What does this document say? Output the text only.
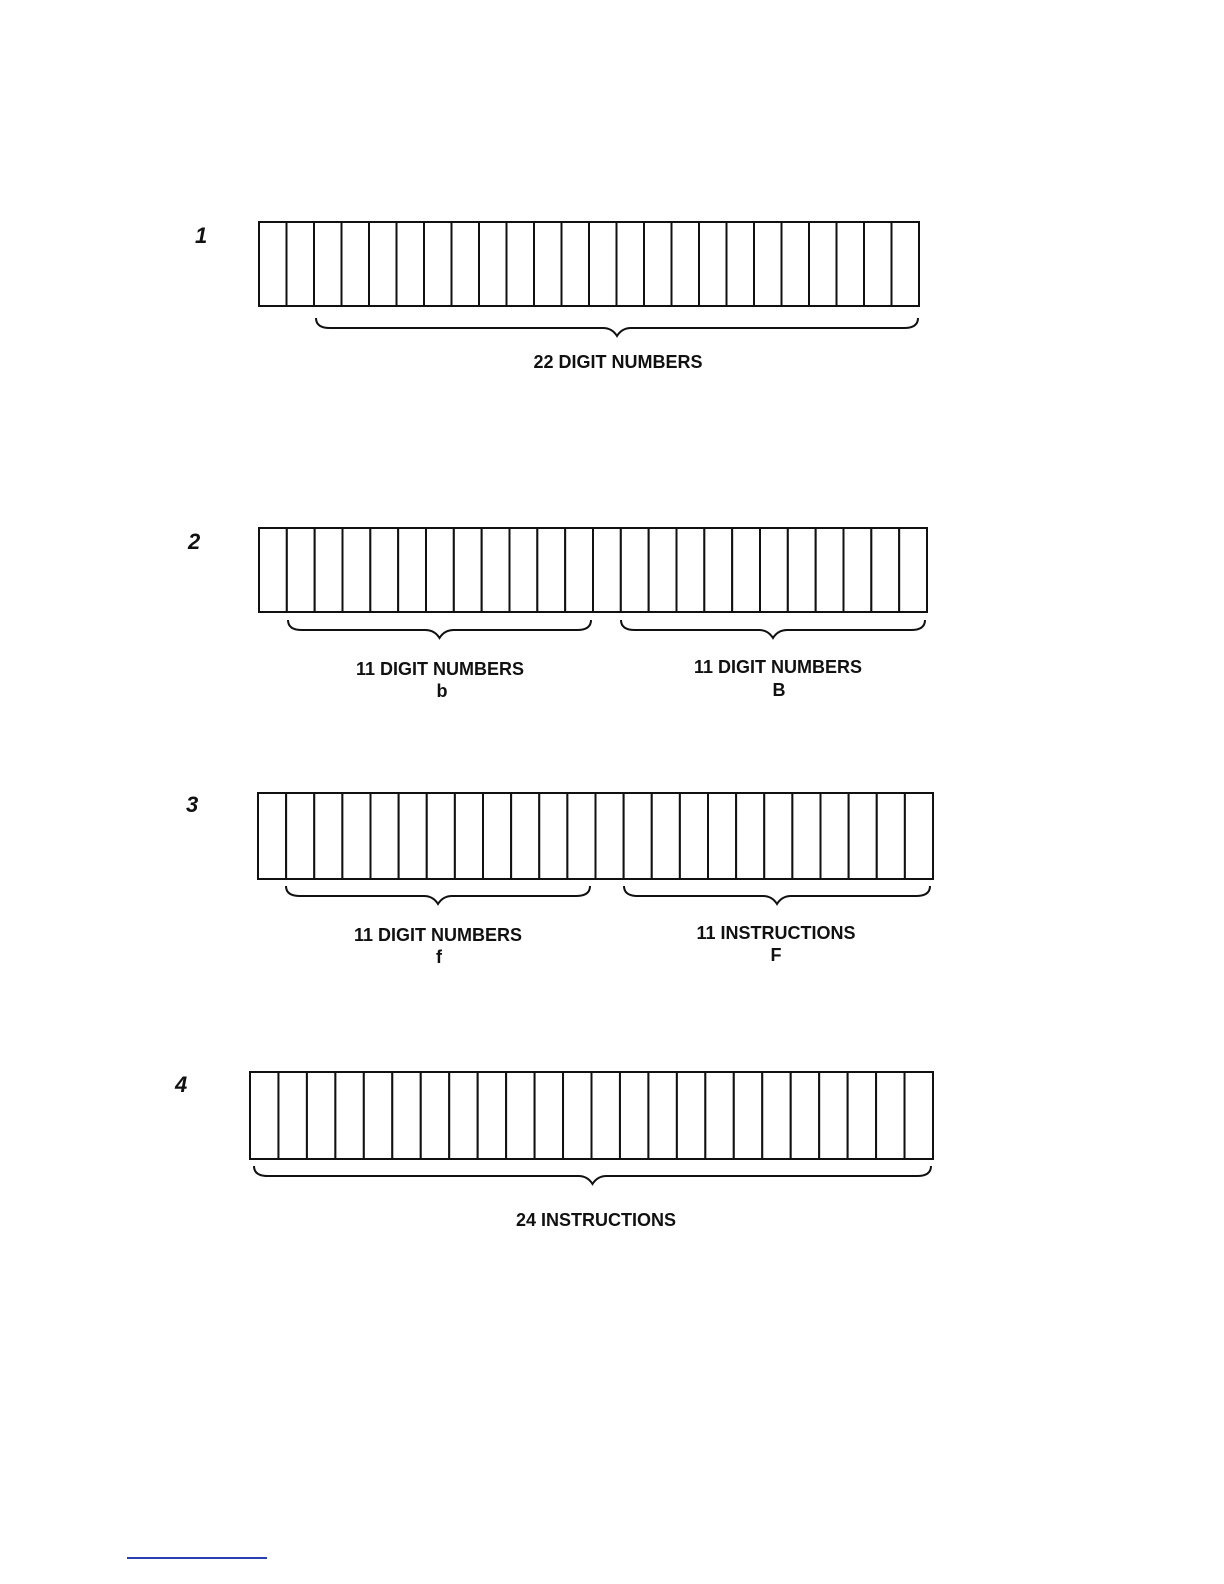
1
22 DIGIT NUMBERS
2
11 DIGIT NUMBERS
b
11 DIGIT NUMBERS
B
3
11 DIGIT NUMBERS
f
11 INSTRUCTIONS
F
4
24 INSTRUCTIONS
